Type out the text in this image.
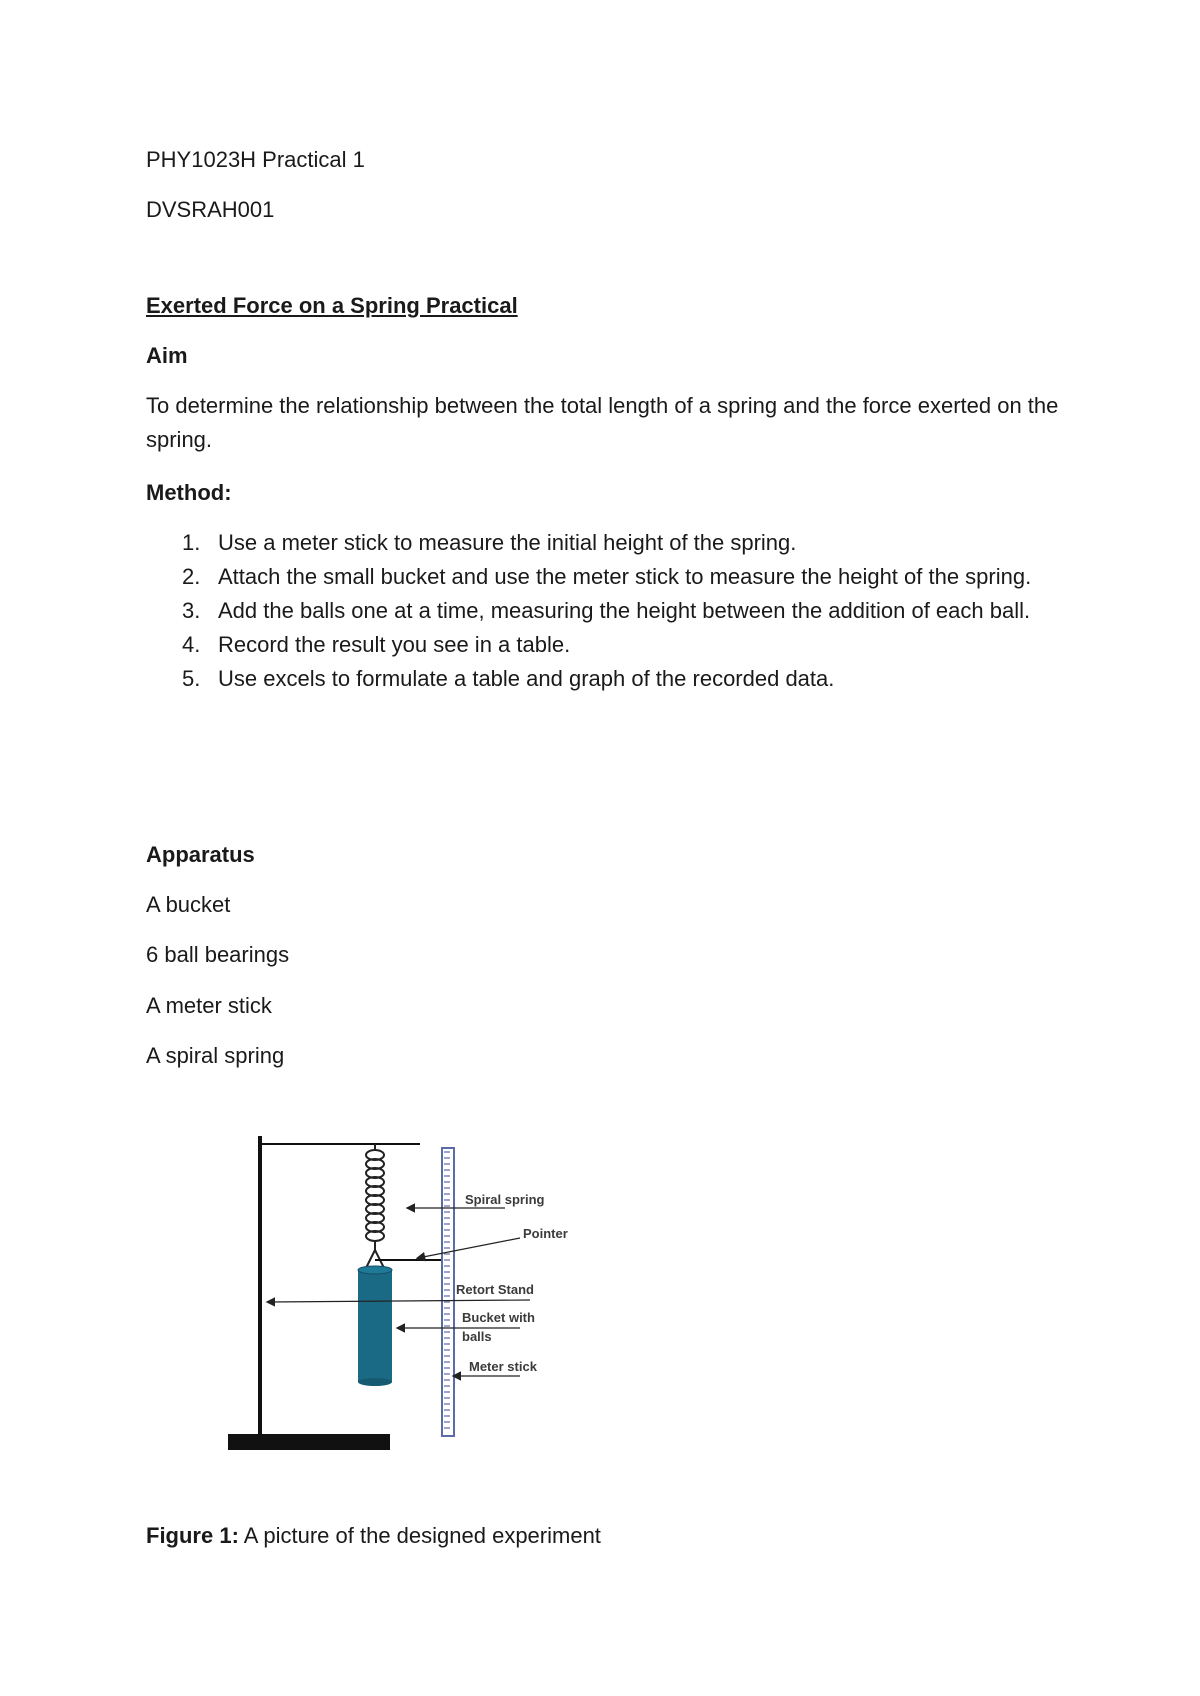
PHY1023H Practical 1
DVSRAH001
Exerted Force on a Spring Practical
Aim
To determine the relationship between the total length of a spring and the force exerted on the spring.
Method:
1. Use a meter stick to measure the initial height of the spring.
2. Attach the small bucket and use the meter stick to measure the height of the spring.
3. Add the balls one at a time, measuring the height between the addition of each ball.
4. Record the result you see in a table.
5. Use excels to formulate a table and graph of the recorded data.
Apparatus
A bucket
6 ball bearings
A meter stick
A spiral spring
Spiral spring
Pointer
Retort Stand
Bucket with
balls
Meter stick
Figure 1: A picture of the designed experiment
